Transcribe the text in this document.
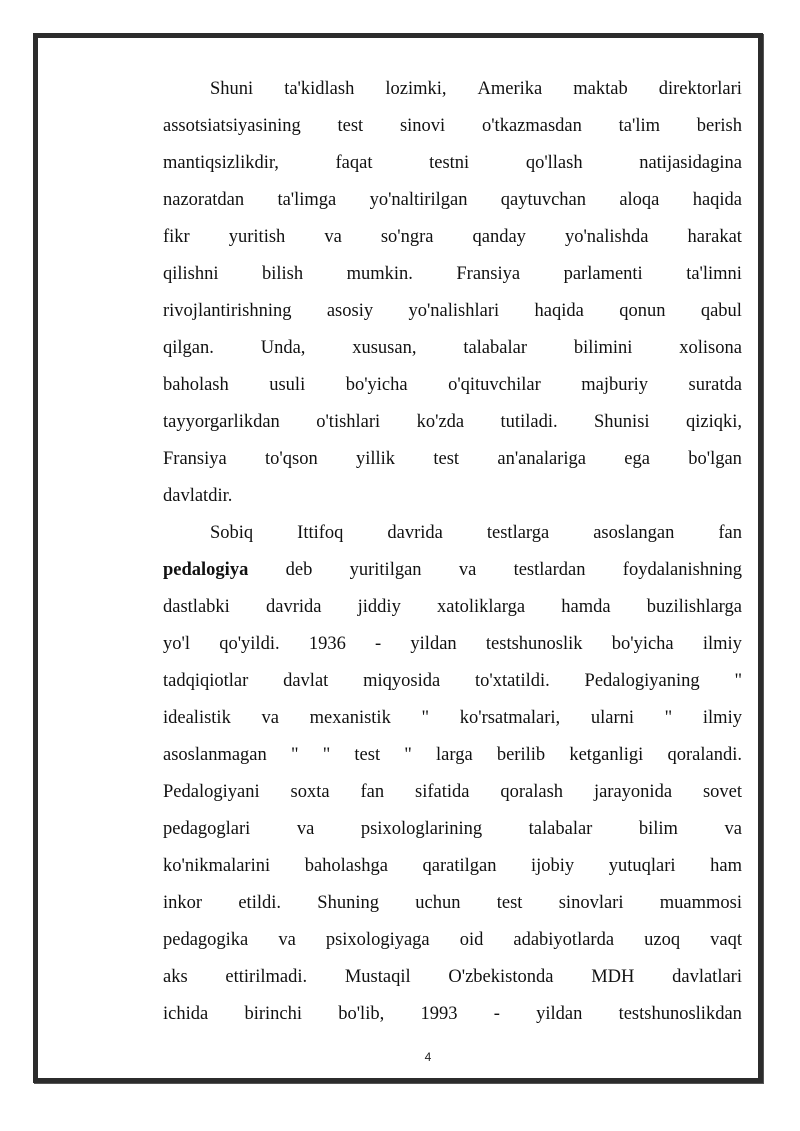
Shuni ta'kidlash lozimki, Amerika maktab direktorlari
assotsiatsiyasining test sinovi o'tkazmasdan ta'lim berish
mantiqsizlikdir,	faqat	testni	qo'llash	natijasidagina
nazoratdan ta'limga yo'naltirilgan qaytuvchan aloqa haqida
fikr yuritish va so'ngra qanday yo'nalishda harakat
qilishni bilish mumkin. Fransiya parlamenti ta'limni
rivojlantirishning asosiy yo'nalishlari haqida qonun qabul
qilgan.	Unda,	xususan,	talabalar	bilimini	xolisona
baholash usuli bo'yicha o'qituvchilar majburiy suratda
tayyorgarlikdan o'tishlari ko'zda tutiladi. Shunisi qiziqki,
Fransiya to'qson yillik test an'analariga ega bo'lgan
davlatdir.
Sobiq Ittifoq davrida testlarga asoslangan fan
pedalogiya deb yuritilgan va testlardan foydalanishning
dastlabki davrida jiddiy xatoliklarga hamda buzilishlarga
yo'l qo'yildi. 1936 - yildan testshunoslik bo'yicha ilmiy
tadqiqiotlar davlat miqyosida to'xtatildi. Pedalogiyaning "
idealistik va mexanistik " ko'rsatmalari, ularni " ilmiy
asoslanmagan " " test " larga berilib ketganligi qoralandi.
Pedalogiyani soxta fan sifatida qoralash jarayonida sovet
pedagoglari	va	psixologlarining	talabalar	bilim	va
ko'nikmalarini baholashga qaratilgan ijobiy yutuqlari ham
inkor etildi. Shuning uchun test sinovlari muammosi
pedagogika va psixologiyaga oid adabiyotlarda uzoq vaqt
aks ettirilmadi. Mustaqil O'zbekistonda MDH davlatlari
ichida birinchi bo'lib, 1993 - yildan testshunoslikdan
4
